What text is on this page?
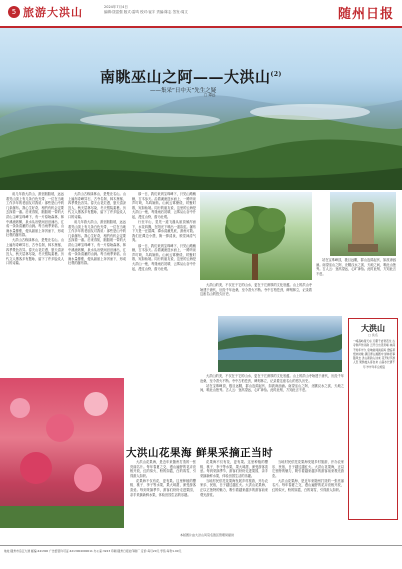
5 旅游大洪山	2024年7月4日
编辑:饶富强 版式:雷鸣 校对:崔宇 责编:陈志 签发:周文	随州日报
南眺巫山之阿——大洪山$^{(2)}$
——集采“日中天”先生之疑
□ 谭远

前几年游大洪山，游至胭脂坡，远远看见山顶上有几条白色光带，一位在当地工作多年的老朋友对我说：那些是山中的几条瀑布。我心生好奇，相约有机会定要去探看一番。后来得知，胭脂坡一带的大洪山主峰宝珠峰下，有一片原始森林，林中溪流纵横，泉水从岩壁间汩汩涌出，汇成一条条清澈的山涧。每当雨季来临，山涧水量暴涨，便从悬崖上奔泻而下，形成壮观的瀑布群。

大洪山古称绿林山，是楚北名山。山上遍布奇峰异石，古寺名刹，林木葱郁，四季景色各异。春天山花烂漫，夏天清凉宜人，秋天层林尽染，冬天银装素裹。历代文人墨客多有题咏，留下了许多脍炙人口的诗篇。

大洪山古称绿林山，是楚北名山。山上遍布奇峰异石，古寺名刹，林木葱郁，四季景色各异。春天山花烂漫，夏天清凉宜人，秋天层林尽染，冬天银装素裹。历代文人墨客多有题咏，留下了许多脍炙人口的诗篇。

前几年游大洪山，游至胭脂坡，远远看见山顶上有几条白色光带，一位在当地工作多年的老朋友对我说：那些是山中的几条瀑布。我心生好奇，相约有机会定要去探看一番。后来得知，胭脂坡一带的大洪山主峰宝珠峰下，有一片原始森林，林中溪流纵横，泉水从岩壁间汩汩涌出，汇成一条条清澈的山涧。每当雨季来临，山涧水量暴涨，便从悬崖上奔泻而下，形成壮观的瀑布群。

那一日，我们来到宝珠峰下，只见山路蜿蜒，古木参天。沿着溪流逆水而上，一路听泉声叮咚，鸟鸣婉转。山间云雾缭绕，时聚时散，宛如仙境。同行的朋友说，这里的云海是大洪山一绝，每逢雨后初晴，云雾从山谷中升起，漫过山脊，蔚为壮观。

行至半山，忽见一道飞瀑从崖顶倾泻而下，水花四溅，在阳光下映出一道彩虹。瀑布下方是一汪碧潭，潭水清澈见底，游鱼可数。我们在潭边小憩，掬一捧清泉，顿觉神清气爽。

那一日，我们来到宝珠峰下，只见山路蜿蜒，古木参天。沿着溪流逆水而上，一路听泉声叮咚，鸟鸣婉转。山间云雾缭绕，时聚时散，宛如仙境。同行的朋友说，这里的云海是大洪山一绝，每逢雨后初晴，云雾从山谷中升起，漫过山脊，蔚为壮观。

大洪山的美，不仅在于它的山水，更在于它深厚的文化底蕴。山上的洪山寺始建于唐代，历经千年沧桑，至今香火不断。寺中古柏苍劲，碑刻林立，记录着这座名山的悠久历史。

站在宝珠峰顶，极目远眺，群山连绵起伏，如波涛汹涌。南望巫山之阿，北眺汉水之滨，天地之间，唯此山独秀。古人云：登高望远，心旷神怡。此时此刻，方知此言不虚。

大洪山的美，不仅在于它的山水，更在于它深厚的文化底蕴。山上的洪山寺始建于唐代，历经千年沧桑，至今香火不断。寺中古柏苍劲，碑刻林立，记录着这座名山的悠久历史。

站在宝珠峰顶，极目远眺，群山连绵起伏，如波涛汹涌。南望巫山之阿，北眺汉水之滨，天地之间，唯此山独秀。古人云：登高望远，心旷神怡。此时此刻，方知此言不虚。

大洪山
□ 佚名
一峰高峙楚天东 万壑千岩势若龙 古寺钟声传远韵 云开日出见奇峰 林深不知年岁久 泉响常闻涧底鸣 登临莫恨来时晚 满目青山画图中 绿林旧事随风去 洪山新韵入诗来 花开时节游人至 果熟枝头客自来 山高水长情不尽 岁岁年年总相宜
大洪山花果海 鲜果采摘正当时

大洪山花果海，是近年来随州打造的一张亮丽名片。每年春夏之交，漫山遍野的花卉竞相开放，红的似火，粉的如霞，白的赛雪，引得游人如织。

花果海不仅有花，更有果。这里种植的樱桃、桃子、李子等水果，果大味甜，深受游客喜爱。每到采摘季节，游客们纷纷走进果园，亲手采摘新鲜水果，体验田园生活的乐趣。

花果海不仅有花，更有果。这里种植的樱桃、桃子、李子等水果，果大味甜，深受游客喜爱。每到采摘季节，游客们纷纷走进果园，亲手采摘新鲜水果，体验田园生活的乐趣。

当地村民依托花果海发展乡村旅游，开办农家乐、民宿，日子越过越红火。大洪山花果海，正以它独特的魅力，吸引着越来越多的游客前来观光游览。

当地村民依托花果海发展乡村旅游，开办农家乐、民宿，日子越过越红火。大洪山花果海，正以它独特的魅力，吸引着越来越多的游客前来观光游览。

大洪山花果海，是近年来随州打造的一张亮丽名片。每年春夏之交，漫山遍野的花卉竞相开放，红的似火，粉的如霞，白的赛雪，引得游人如织。

本版图片由大洪山风景名胜区管理局提供
地址:随州市沿江大道 邮编:441300 广告经营许可证:4213004000011 办公室:3223 印刷:随州日报社印刷厂 定价:每月20元 零售:每份1.00元
